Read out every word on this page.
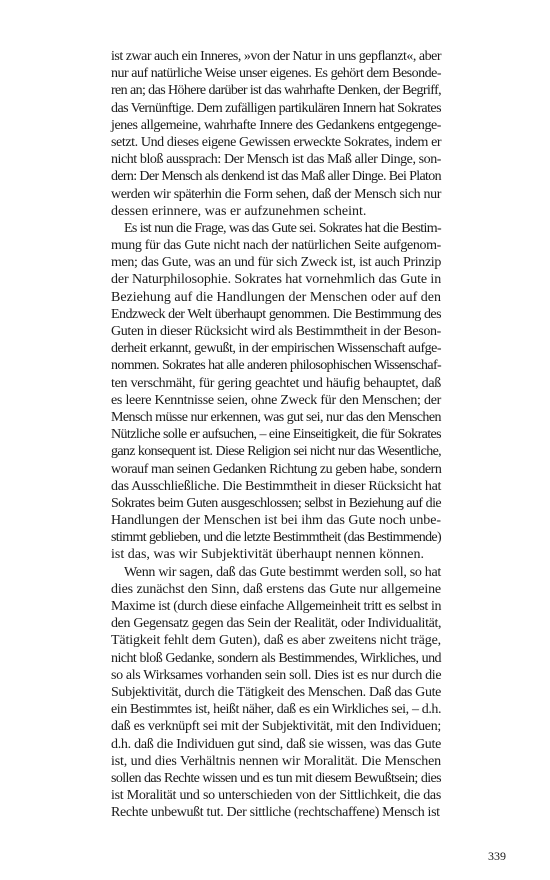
ist zwar auch ein Inneres, »von der Natur in uns gepflanzt«, aber
nur auf natürliche Weise unser eigenes. Es gehört dem Besonde-
ren an; das Höhere darüber ist das wahrhafte Denken, der Begriff,
das Vernünftige. Dem zufälligen partikulären Innern hat Sokrates
jenes allgemeine, wahrhafte Innere des Gedankens entgegenge-
setzt. Und dieses eigene Gewissen erweckte Sokrates, indem er
nicht bloß aussprach: Der Mensch ist das Maß aller Dinge, son-
dern: Der Mensch als denkend ist das Maß aller Dinge. Bei Platon
werden wir späterhin die Form sehen, daß der Mensch sich nur
dessen erinnere, was er aufzunehmen scheint.
Es ist nun die Frage, was das Gute sei. Sokrates hat die Bestim-
mung für das Gute nicht nach der natürlichen Seite aufgenom-
men; das Gute, was an und für sich Zweck ist, ist auch Prinzip
der Naturphilosophie. Sokrates hat vornehmlich das Gute in
Beziehung auf die Handlungen der Menschen oder auf den
Endzweck der Welt überhaupt genommen. Die Bestimmung des
Guten in dieser Rücksicht wird als Bestimmtheit in der Beson-
derheit erkannt, gewußt, in der empirischen Wissenschaft aufge-
nommen. Sokrates hat alle anderen philosophischen Wissenschaf-
ten verschmäht, für gering geachtet und häufig behauptet, daß
es leere Kenntnisse seien, ohne Zweck für den Menschen; der
Mensch müsse nur erkennen, was gut sei, nur das den Menschen
Nützliche solle er aufsuchen, – eine Einseitigkeit, die für Sokrates
ganz konsequent ist. Diese Religion sei nicht nur das Wesentliche,
worauf man seinen Gedanken Richtung zu geben habe, sondern
das Ausschließliche. Die Bestimmtheit in dieser Rücksicht hat
Sokrates beim Guten ausgeschlossen; selbst in Beziehung auf die
Handlungen der Menschen ist bei ihm das Gute noch unbe-
stimmt geblieben, und die letzte Bestimmtheit (das Bestimmende)
ist das, was wir Subjektivität überhaupt nennen können.
Wenn wir sagen, daß das Gute bestimmt werden soll, so hat
dies zunächst den Sinn, daß erstens das Gute nur allgemeine
Maxime ist (durch diese einfache Allgemeinheit tritt es selbst in
den Gegensatz gegen das Sein der Realität, oder Individualität,
Tätigkeit fehlt dem Guten), daß es aber zweitens nicht träge,
nicht bloß Gedanke, sondern als Bestimmendes, Wirkliches, und
so als Wirksames vorhanden sein soll. Dies ist es nur durch die
Subjektivität, durch die Tätigkeit des Menschen. Daß das Gute
ein Bestimmtes ist, heißt näher, daß es ein Wirkliches sei, – d.h.
daß es verknüpft sei mit der Subjektivität, mit den Individuen;
d.h. daß die Individuen gut sind, daß sie wissen, was das Gute
ist, und dies Verhältnis nennen wir Moralität. Die Menschen
sollen das Rechte wissen und es tun mit diesem Bewußtsein; dies
ist Moralität und so unterschieden von der Sittlichkeit, die das
Rechte unbewußt tut. Der sittliche (rechtschaffene) Mensch ist
339
